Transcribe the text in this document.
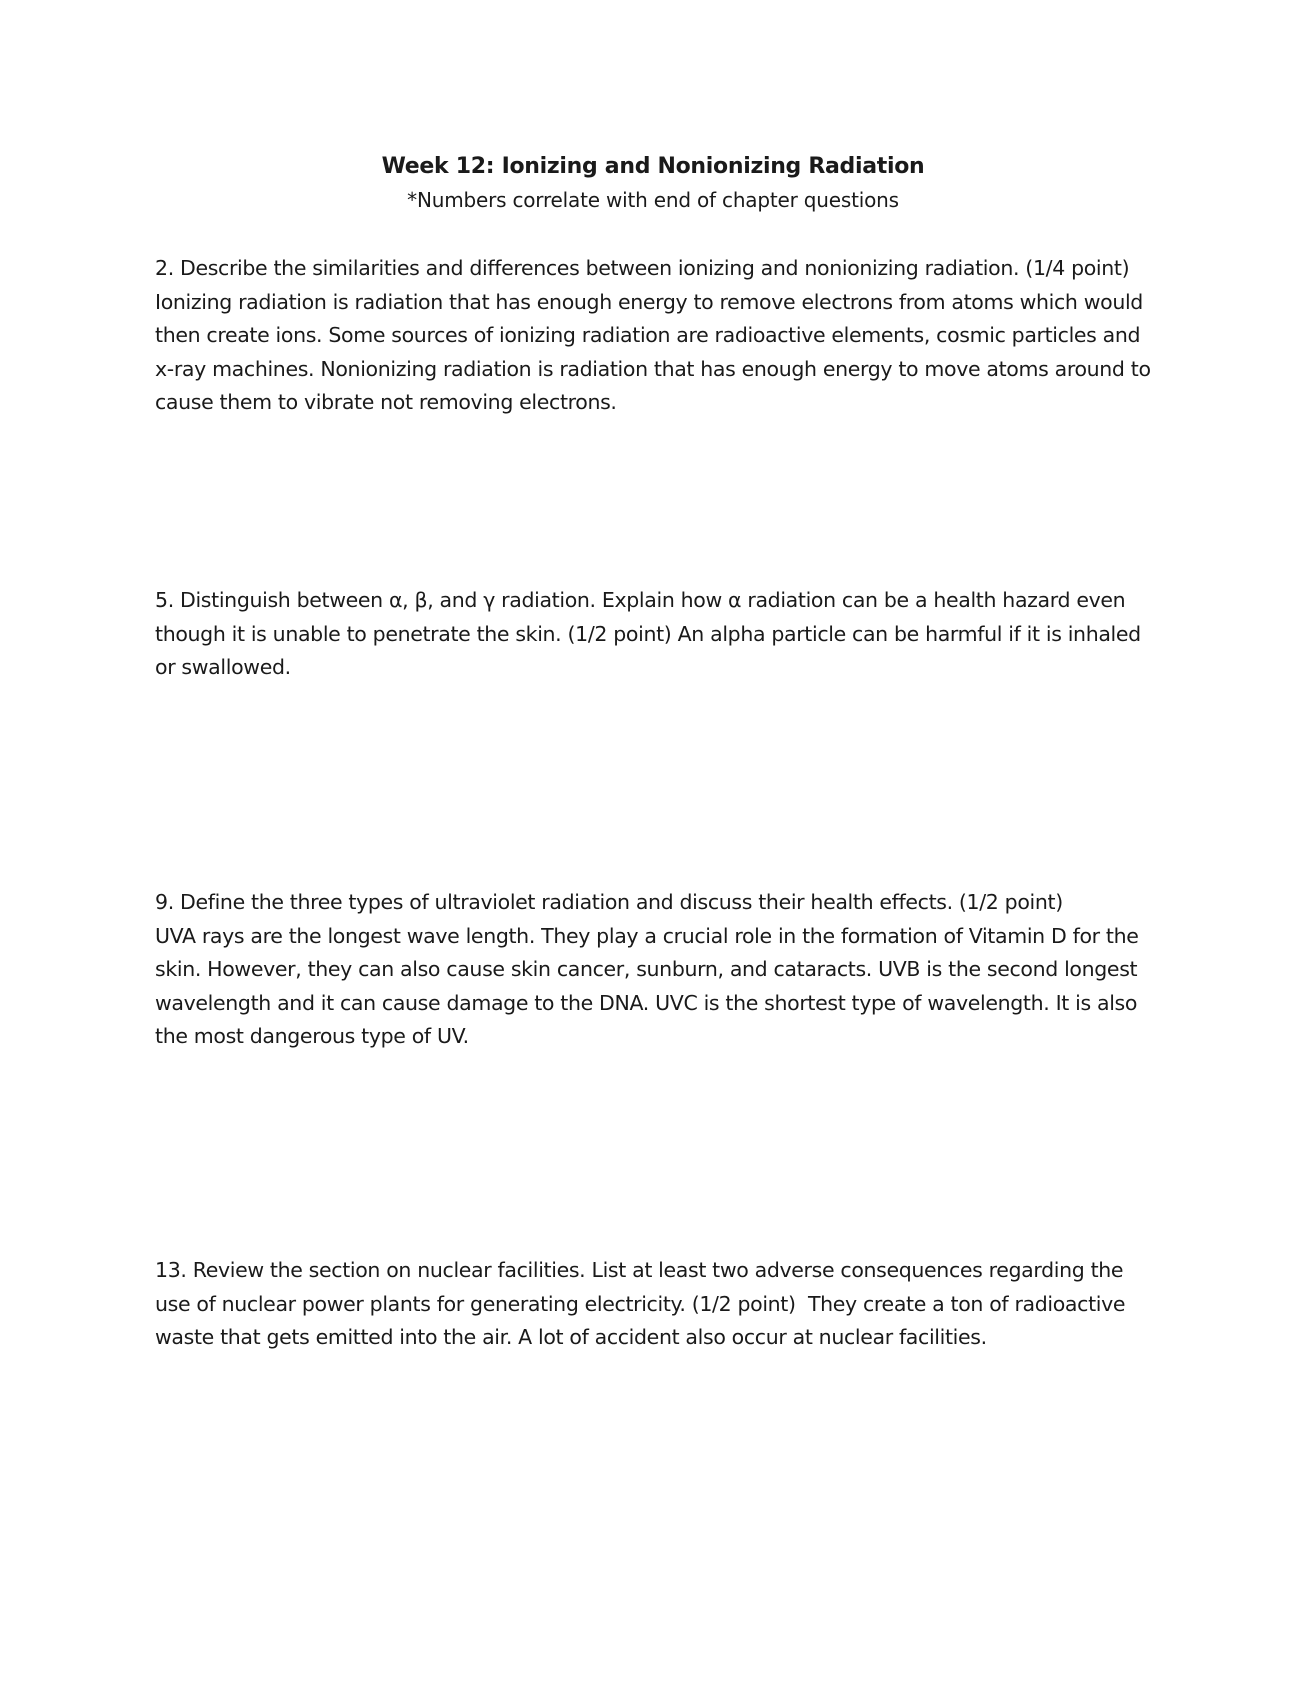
Week 12: Ionizing and Nonionizing Radiation
*Numbers correlate with end of chapter questions

2. Describe the similarities and differences between ionizing and nonionizing radiation. (1/4 point)

Ionizing radiation is radiation that has enough energy to remove electrons from atoms which would then create ions. Some sources of ionizing radiation are radioactive elements, cosmic particles and x-ray machines. Nonionizing radiation is radiation that has enough energy to move atoms around to cause them to vibrate not removing electrons.

5. Distinguish between α, β, and γ radiation. Explain how α radiation can be a health hazard even though it is unable to penetrate the skin. (1/2 point) An alpha particle can be harmful if it is inhaled or swallowed.

9. Define the three types of ultraviolet radiation and discuss their health effects. (1/2 point)

UVA rays are the longest wave length. They play a crucial role in the formation of Vitamin D for the skin. However, they can also cause skin cancer, sunburn, and cataracts. UVB is the second longest wavelength and it can cause damage to the DNA. UVC is the shortest type of wavelength. It is also the most dangerous type of UV.

13. Review the section on nuclear facilities. List at least two adverse consequences regarding the use of nuclear power plants for generating electricity. (1/2 point) They create a ton of radioactive waste that gets emitted into the air. A lot of accident also occur at nuclear facilities.
